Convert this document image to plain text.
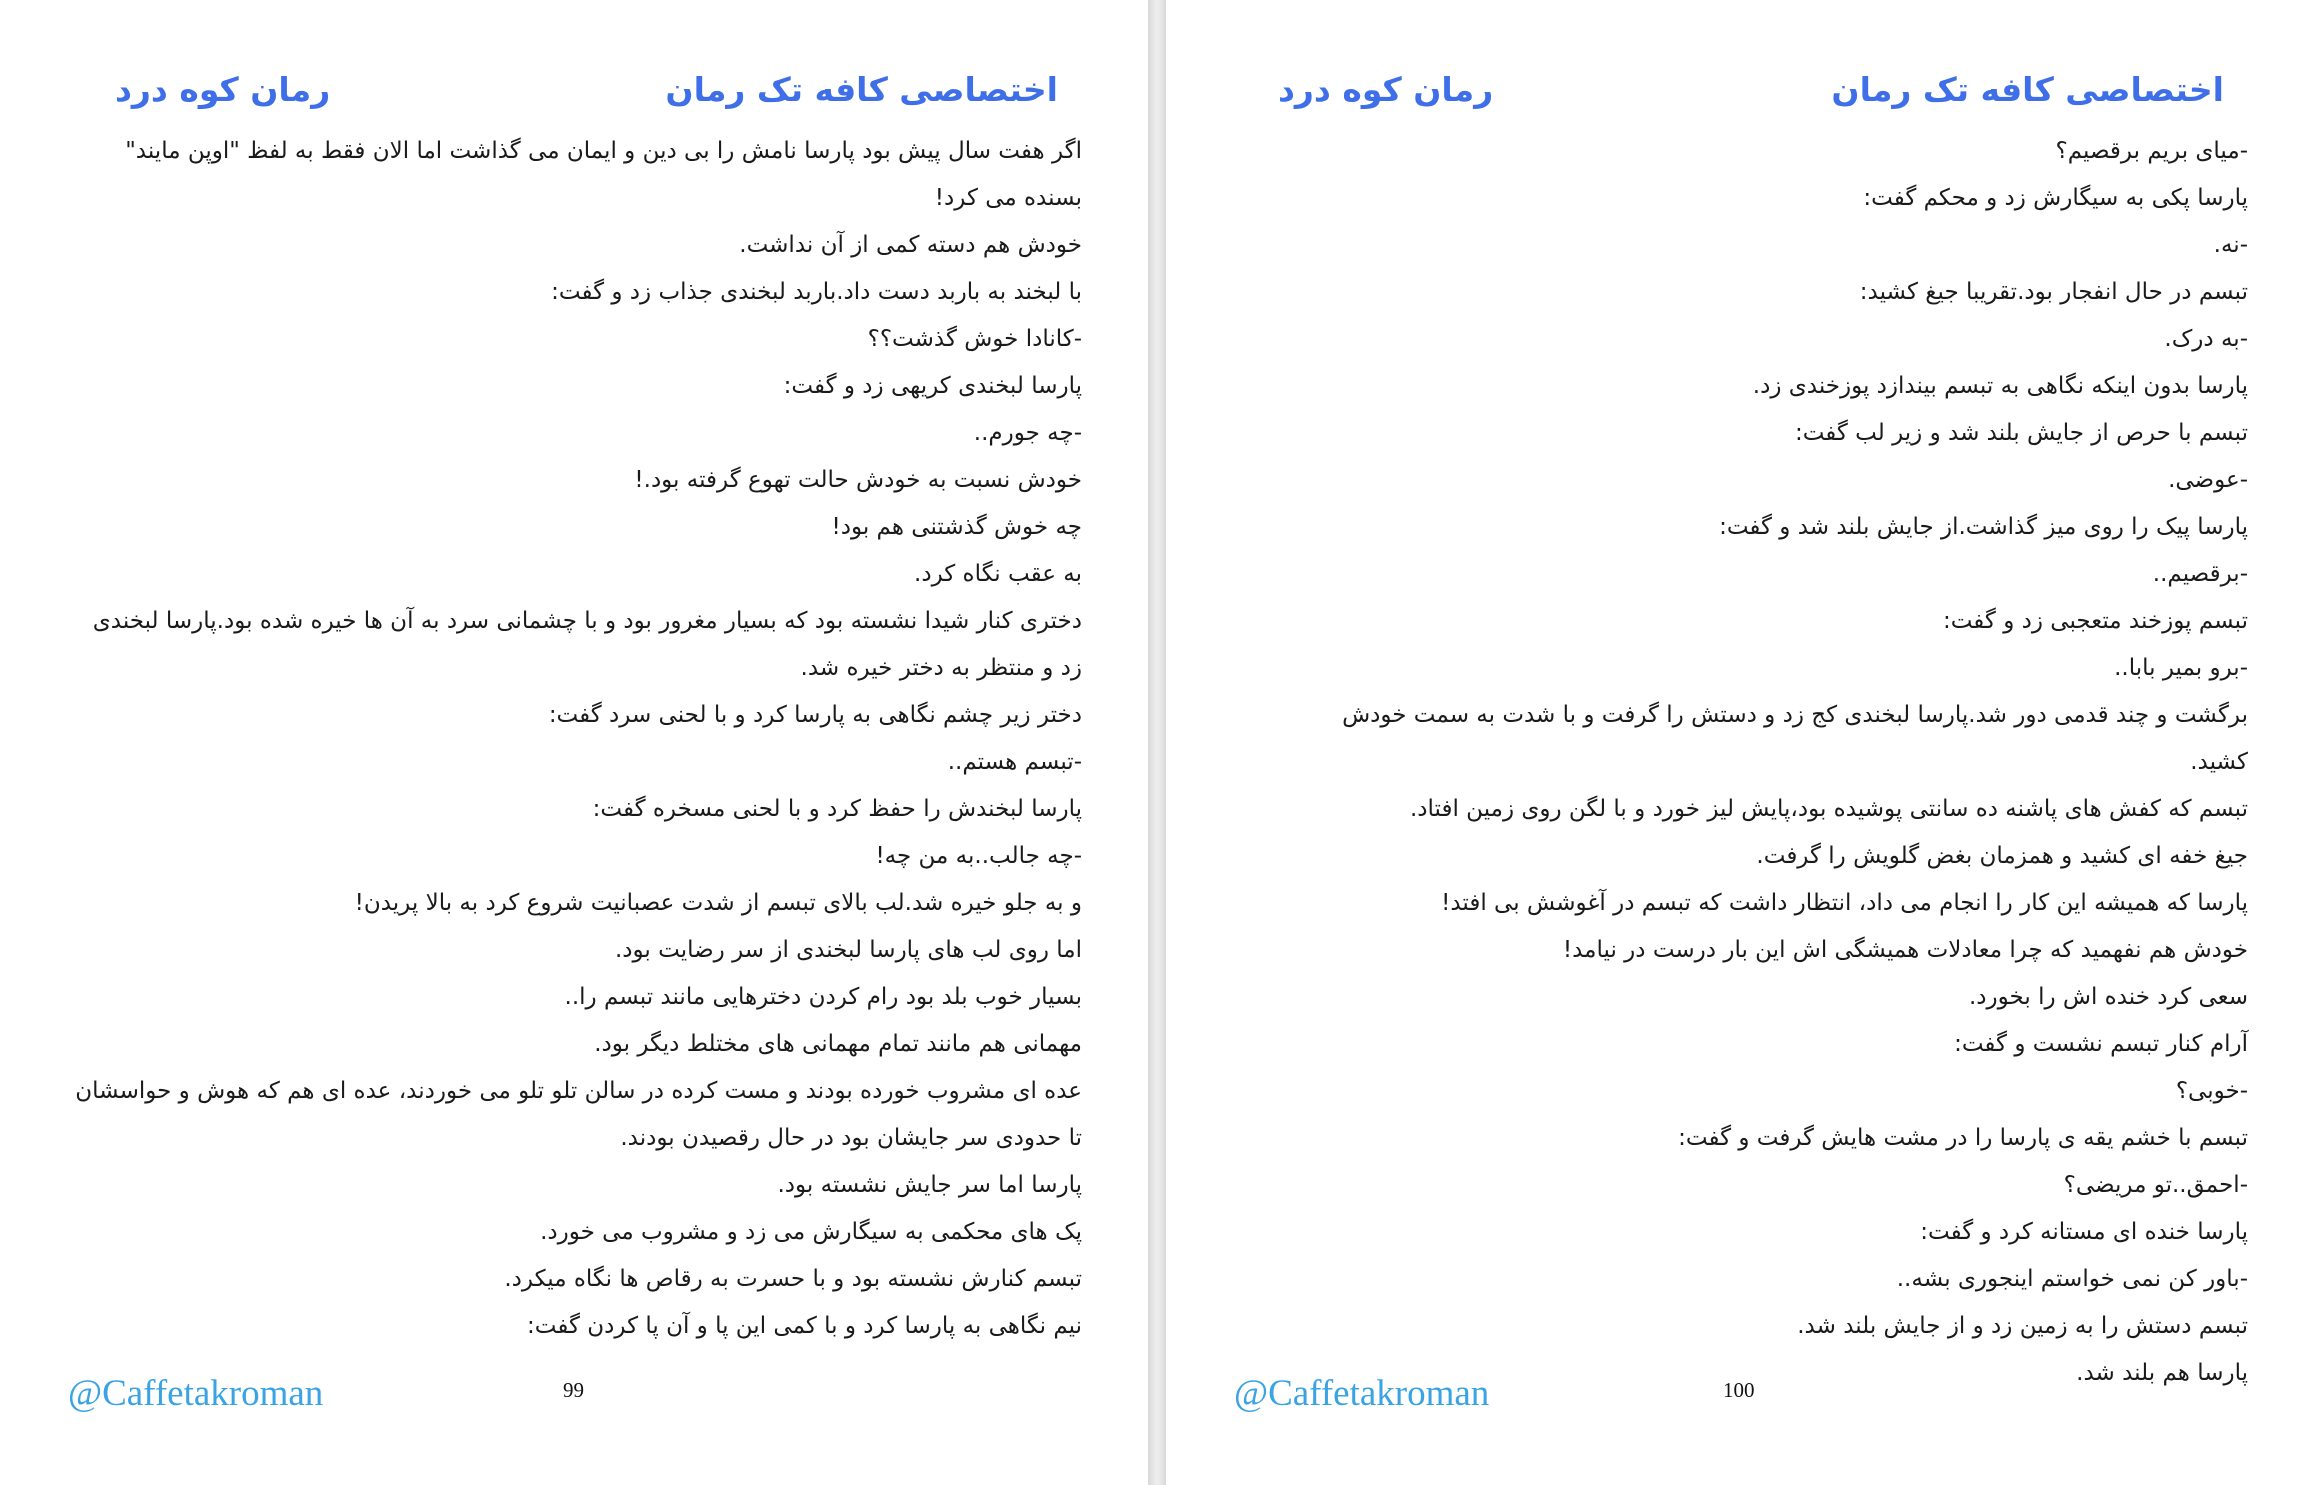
اختصاصی کافه تک رمان
رمان کوه درد

اگر هفت سال پیش بود پارسا نامش را بی دین و ایمان می گذاشت اما الان فقط به لفظ "اوپن مایند" بسنده می کرد!

خودش هم دسته کمی از آن نداشت.

با لبخند به باربد دست داد.باربد لبخندی جذاب زد و گفت:

-کانادا خوش گذشت؟؟

پارسا لبخندی کریهی زد و گفت:

-چه جورم..

خودش نسبت به خودش حالت تهوع گرفته بود.!

چه خوش گذشتنی هم بود!

به عقب نگاه کرد.

دختری کنار شیدا نشسته بود که بسیار مغرور بود و با چشمانی سرد به آن ها خیره شده بود.پارسا لبخندی زد و منتظر به دختر خیره شد.

دختر زیر چشم نگاهی به پارسا کرد و با لحنی سرد گفت:

-تبسم هستم..

پارسا لبخندش را حفظ کرد و با لحنی مسخره گفت:

-چه جالب..به من چه!

و به جلو خیره شد.لب بالای تبسم از شدت عصبانیت شروع کرد به بالا پریدن!

اما روی لب های پارسا لبخندی از سر رضایت بود.

بسیار خوب بلد بود رام کردن دخترهایی مانند تبسم را..

مهمانی هم مانند تمام مهمانی های مختلط دیگر بود.

عده ای مشروب خورده بودند و مست کرده در سالن تلو تلو می خوردند، عده ای هم که هوش و حواسشان تا حدودی سر جایشان بود در حال رقصیدن بودند.

پارسا اما سر جایش نشسته بود.

پک های محکمی به سیگارش می زد و مشروب می خورد.

تبسم کنارش نشسته بود و با حسرت به رقاص ها نگاه میکرد.

نیم نگاهی به پارسا کرد و با کمی این پا و آن پا کردن گفت:

@Caffetakroman	99
اختصاصی کافه تک رمان
رمان کوه درد

-میای بریم برقصیم؟

پارسا پکی به سیگارش زد و محکم گفت:

-نه.

تبسم در حال انفجار بود.تقریبا جیغ کشید:

-به درک.

پارسا بدون اینکه نگاهی به تبسم بیندازد پوزخندی زد.

تبسم با حرص از جایش بلند شد و زیر لب گفت:

-عوضی.

پارسا پیک را روی میز گذاشت.از جایش بلند شد و گفت:

-برقصیم..

تبسم پوزخند متعجبی زد و گفت:

-برو بمیر بابا..

برگشت و چند قدمی دور شد.پارسا لبخندی کج زد و دستش را گرفت و با شدت به سمت خودش کشید.

تبسم که کفش های پاشنه ده سانتی پوشیده بود،پایش لیز خورد و با لگن روی زمین افتاد.

جیغ خفه ای کشید و همزمان بغض گلویش را گرفت.

پارسا که همیشه این کار را انجام می داد، انتظار داشت که تبسم در آغوشش بی افتد!

خودش هم نفهمید که چرا معادلات همیشگی اش این بار درست در نیامد!

سعی کرد خنده اش را بخورد.

آرام کنار تبسم نشست و گفت:

-خوبی؟

تبسم با خشم یقه ی پارسا را در مشت هایش گرفت و گفت:

-احمق..تو مریضی؟

پارسا خنده ای مستانه کرد و گفت:

-باور کن نمی خواستم اینجوری بشه..

تبسم دستش را به زمین زد و از جایش بلند شد.

پارسا هم بلند شد.

@Caffetakroman	100
